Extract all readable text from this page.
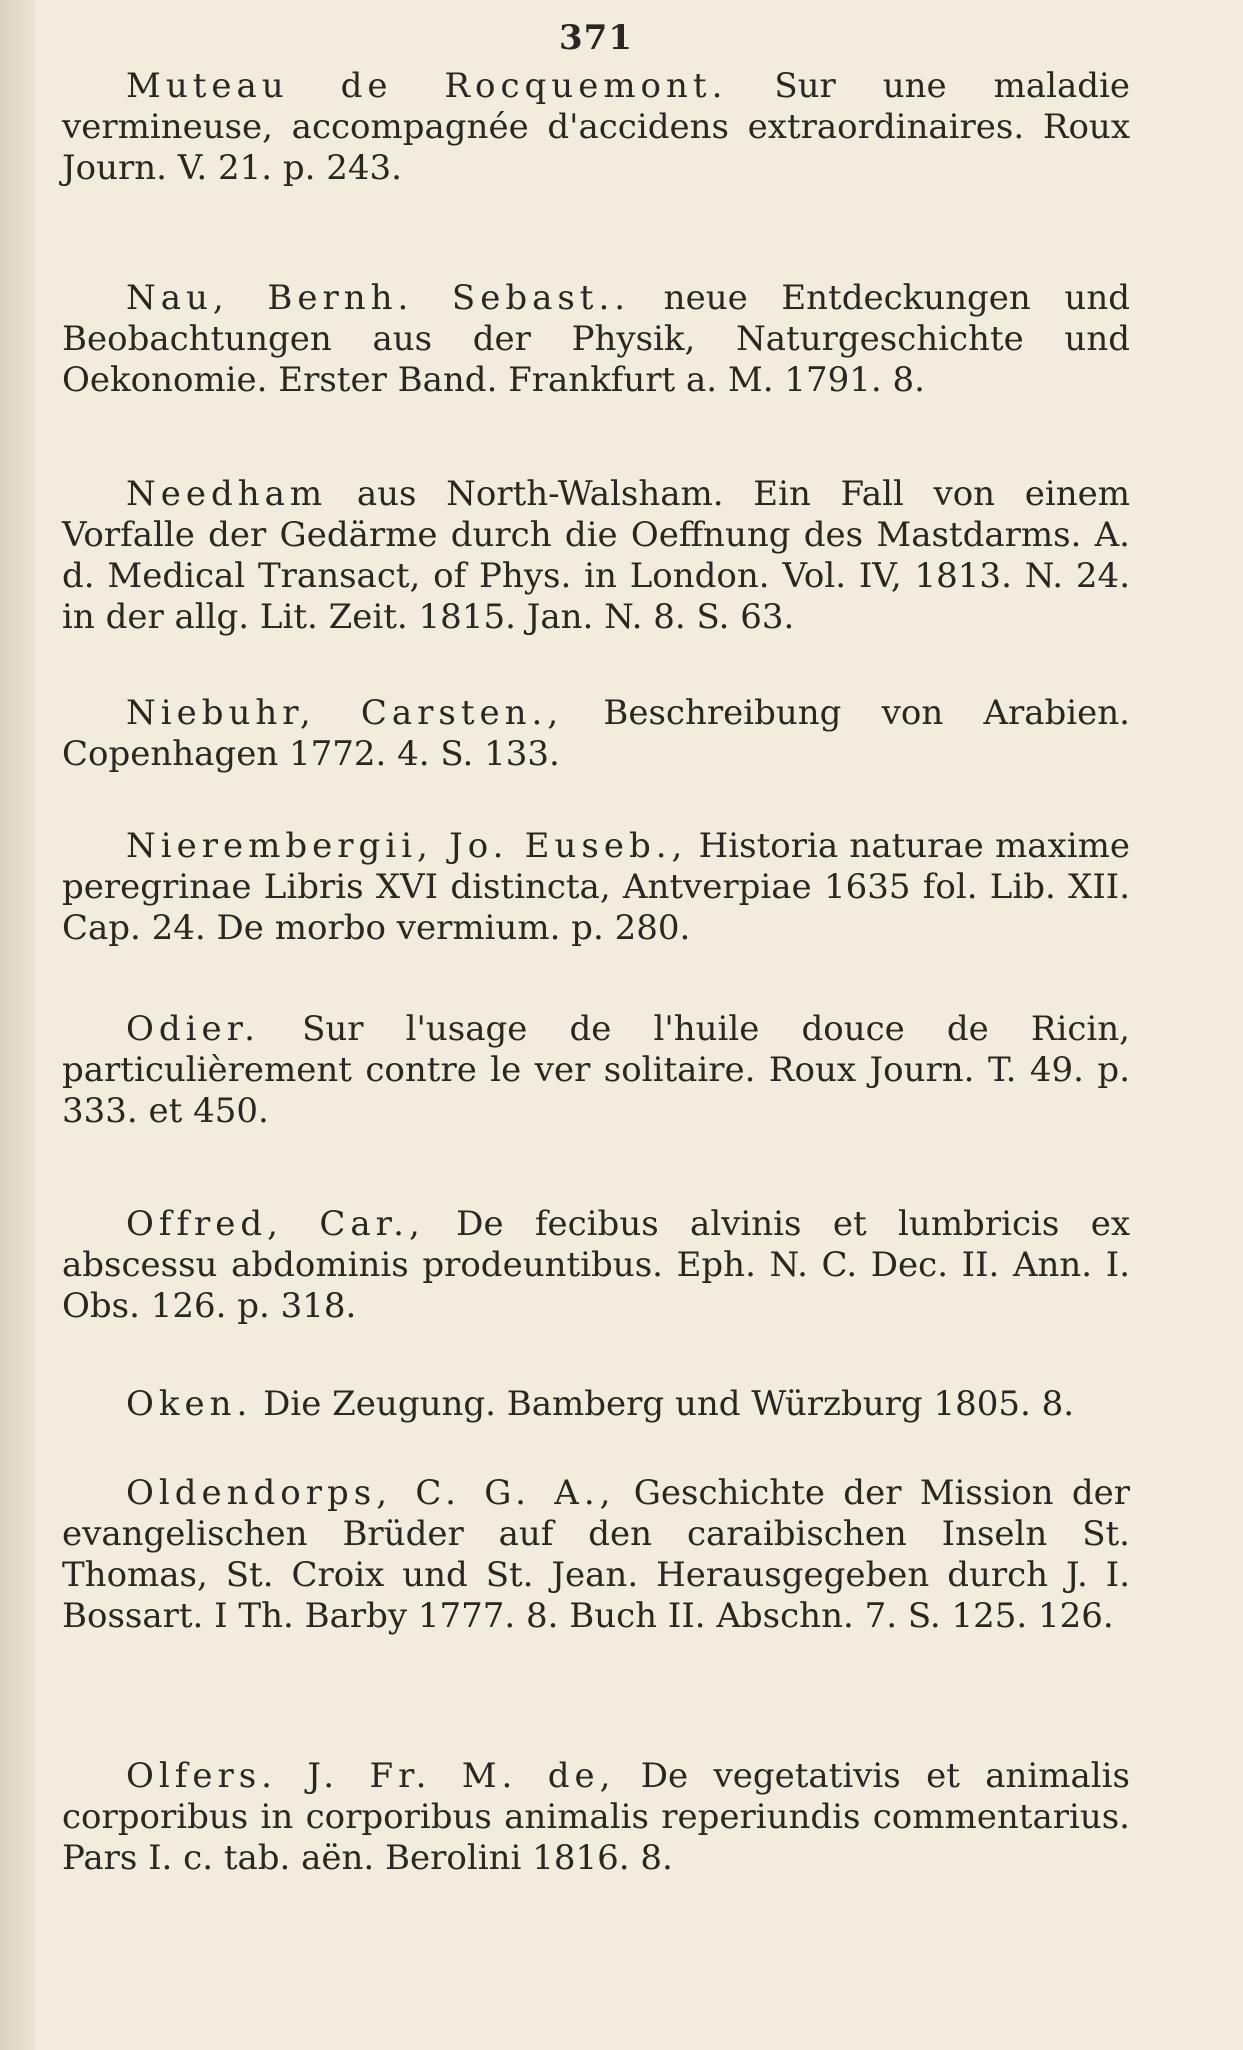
371

Muteau de Rocquemont. Sur une maladie vermineuse, accompagnée d'accidens extraordinaires. Roux Journ. V. 21. p. 243.

Nau, Bernh. Sebast.. neue Entdeckungen und Beobachtungen aus der Physik, Naturgeschichte und Oekonomie. Erster Band. Frankfurt a. M. 1791. 8.

Needham aus North-Walsham. Ein Fall von einem Vorfalle der Gedärme durch die Oeffnung des Mastdarms. A. d. Medical Transact, of Phys. in London. Vol. IV, 1813. N. 24. in der allg. Lit. Zeit. 1815. Jan. N. 8. S. 63.

Niebuhr, Carsten., Beschreibung von Arabien. Copenhagen 1772. 4. S. 133.

Nierembergii, Jo. Euseb., Historia naturae maxime peregrinae Libris XVI distincta, Antverpiae 1635 fol. Lib. XII. Cap. 24. De morbo vermium. p. 280.

Odier. Sur l'usage de l'huile douce de Ricin, particulièrement contre le ver solitaire. Roux Journ. T. 49. p. 333. et 450.

Offred, Car., De fecibus alvinis et lumbricis ex abscessu abdominis prodeuntibus. Eph. N. C. Dec. II. Ann. I. Obs. 126. p. 318.

Oken. Die Zeugung. Bamberg und Würzburg 1805. 8.

Oldendorps, C. G. A., Geschichte der Mission der evangelischen Brüder auf den caraibischen Inseln St. Thomas, St. Croix und St. Jean. Herausgegeben durch J. I. Bossart. I Th. Barby 1777. 8. Buch II. Abschn. 7. S. 125. 126.

Olfers. J. Fr. M. de, De vegetativis et animalis corporibus in corporibus animalis reperiundis commentarius. Pars I. c. tab. aën. Berolini 1816. 8.
